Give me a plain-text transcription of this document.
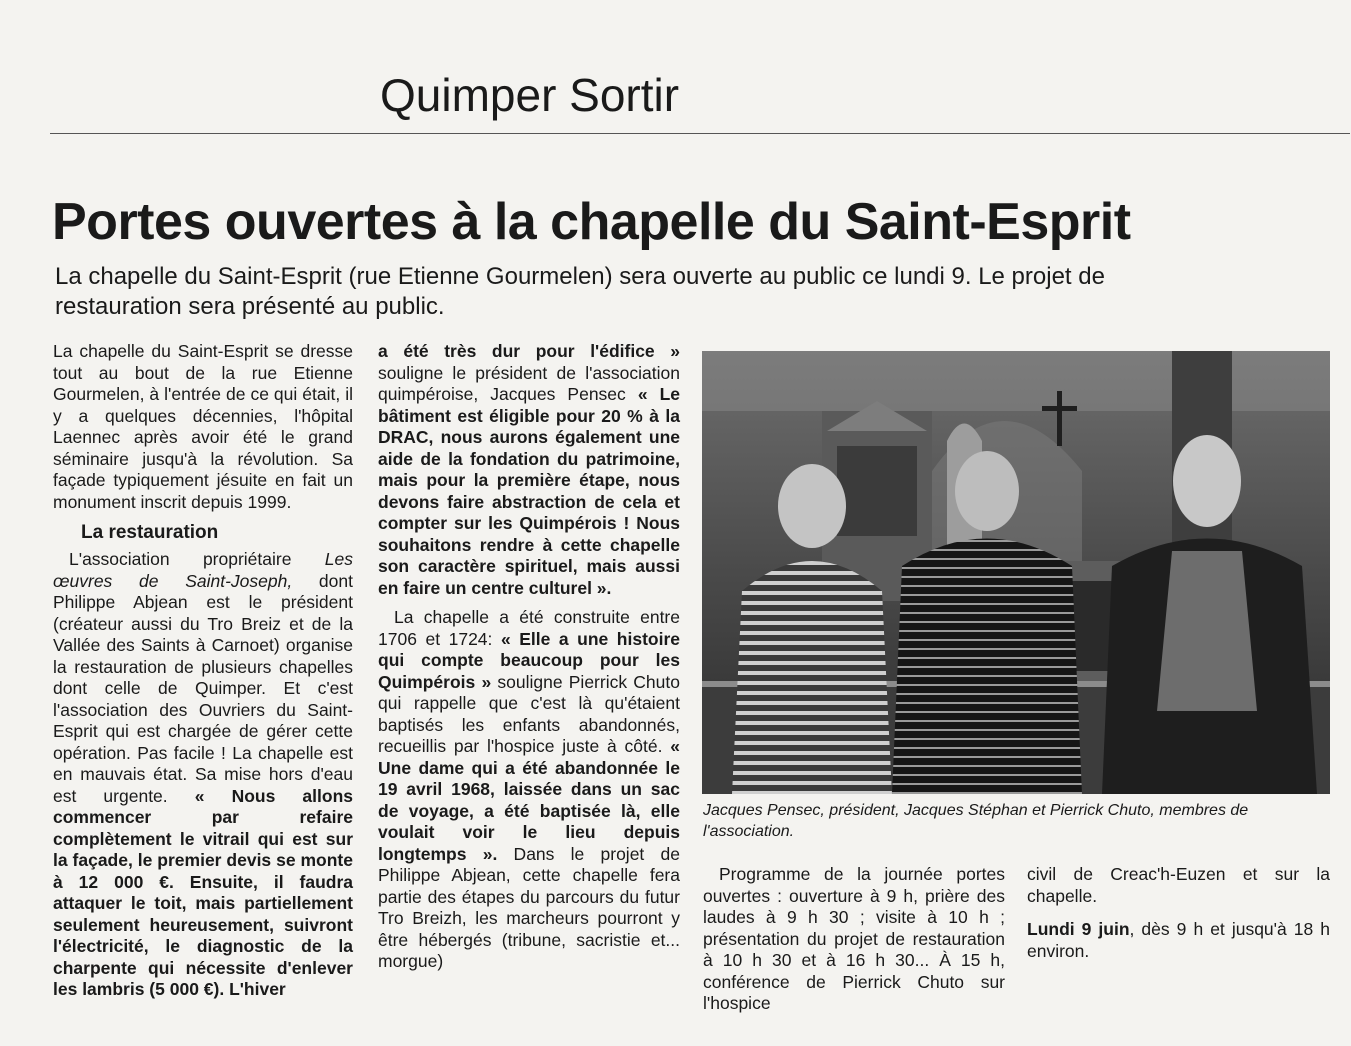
Quimper Sortir
Portes ouvertes à la chapelle du Saint-Esprit
La chapelle du Saint-Esprit (rue Etienne Gourmelen) sera ouverte au public ce lundi 9. Le projet de restauration sera présenté au public.

La chapelle du Saint-Esprit se dresse tout au bout de la rue Etienne Gourmelen, à l'entrée de ce qui était, il y a quelques décennies, l'hôpital Laennec après avoir été le grand séminaire jusqu'à la révolution. Sa façade typiquement jésuite en fait un monument inscrit depuis 1999.

La restauration

L'association propriétaire Les œuvres de Saint-Joseph, dont Philippe Abjean est le président (créateur aussi du Tro Breiz et de la Vallée des Saints à Carnoet) organise la restauration de plusieurs chapelles dont celle de Quimper. Et c'est l'association des Ouvriers du Saint-Esprit qui est chargée de gérer cette opération. Pas facile ! La chapelle est en mauvais état. Sa mise hors d'eau est urgente. « Nous allons commencer par refaire complètement le vitrail qui est sur la façade, le premier devis se monte à 12 000 €. Ensuite, il faudra attaquer le toit, mais partiellement seulement heureusement, suivront l'électricité, le diagnostic de la charpente qui nécessite d'enlever les lambris (5 000 €). L'hiver

a été très dur pour l'édifice » souligne le président de l'association quimpéroise, Jacques Pensec « Le bâtiment est éligible pour 20 % à la DRAC, nous aurons également une aide de la fondation du patrimoine, mais pour la première étape, nous devons faire abstraction de cela et compter sur les Quimpérois ! Nous souhaitons rendre à cette chapelle son caractère spirituel, mais aussi en faire un centre culturel ».

La chapelle a été construite entre 1706 et 1724: « Elle a une histoire qui compte beaucoup pour les Quimpérois » souligne Pierrick Chuto qui rappelle que c'est là qu'étaient baptisés les enfants abandonnés, recueillis par l'hospice juste à côté. « Une dame qui a été abandonnée le 19 avril 1968, laissée dans un sac de voyage, a été baptisée là, elle voulait voir le lieu depuis longtemps ». Dans le projet de Philippe Abjean, cette chapelle fera partie des étapes du parcours du futur Tro Breizh, les marcheurs pourront y être hébergés (tribune, sacristie et... morgue)

Jacques Pensec, président, Jacques Stéphan et Pierrick Chuto, membres de l'association.

Programme de la journée portes ouvertes : ouverture à 9 h, prière des laudes à 9 h 30 ; visite à 10 h ; présentation du projet de restauration à 10 h 30 et à 16 h 30... À 15 h, conférence de Pierrick Chuto sur l'hospice

civil de Creac'h-Euzen et sur la chapelle.

Lundi 9 juin, dès 9 h et jusqu'à 18 h environ.
